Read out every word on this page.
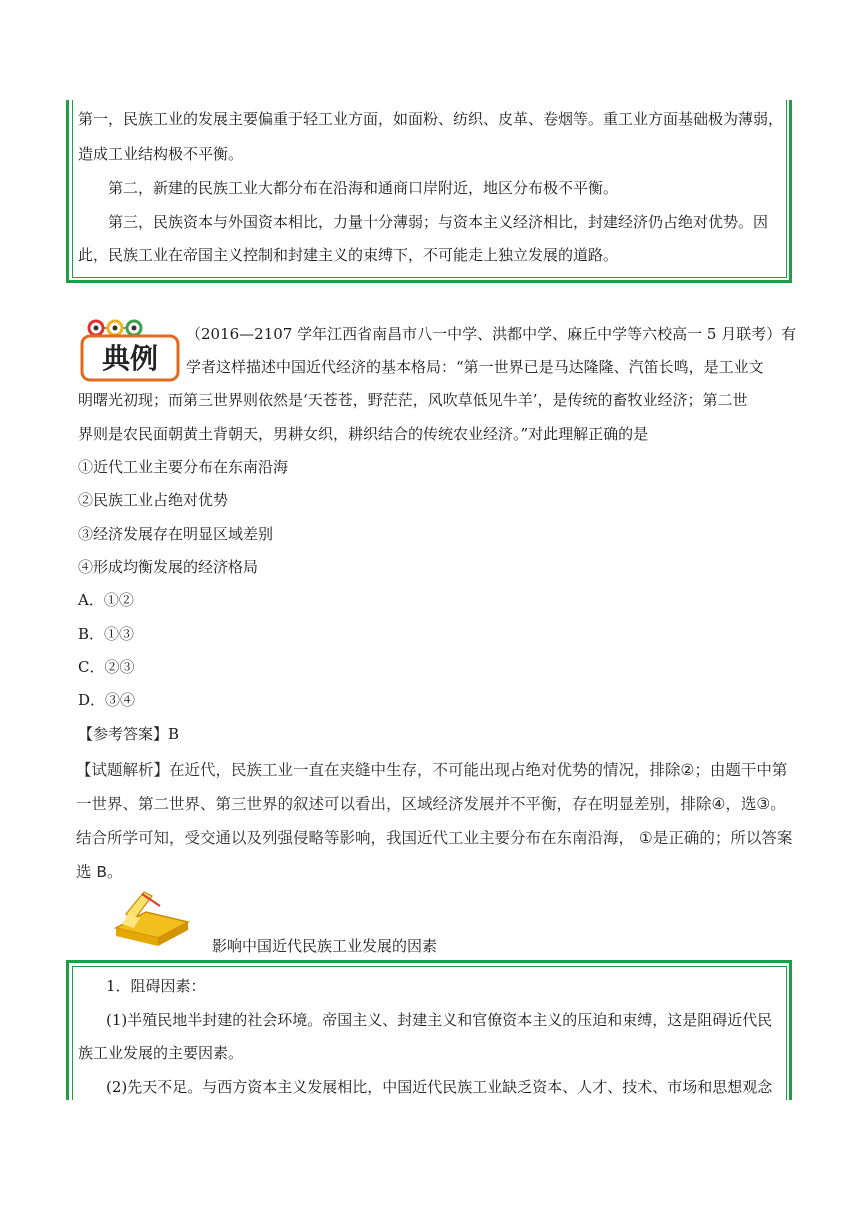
第一，民族工业的发展主要偏重于轻工业方面，如面粉、纺织、皮革、卷烟等。重工业方面基础极为薄弱，
造成工业结构极不平衡。
第二，新建的民族工业大都分布在沿海和通商口岸附近，地区分布极不平衡。
第三，民族资本与外国资本相比，力量十分薄弱；与资本主义经济相比，封建经济仍占绝对优势。因
此，民族工业在帝国主义控制和封建主义的束缚下，不可能走上独立发展的道路。
典例
（2016—2107 学年江西省南昌市八一中学、洪都中学、麻丘中学等六校高一 5 月联考）有
学者这样描述中国近代经济的基本格局：“第一世界已是马达隆隆、汽笛长鸣，是工业文
明曙光初现；而第三世界则依然是‘天苍苍，野茫茫，风吹草低见牛羊’，是传统的畜牧业经济；第二世
界则是农民面朝黄土背朝天，男耕女织，耕织结合的传统农业经济。”对此理解正确的是
①近代工业主要分布在东南沿海
②民族工业占绝对优势
③经济发展存在明显区域差别
④形成均衡发展的经济格局
A．①②
B．①③
C．②③
D．③④
【参考答案】B
【试题解析】在近代，民族工业一直在夹缝中生存，不可能出现占绝对优势的情况，排除②；由题干中第
一世界、第二世界、第三世界的叙述可以看出，区域经济发展并不平衡，存在明显差别，排除④，选③。
结合所学可知，受交通以及列强侵略等影响，我国近代工业主要分布在东南沿海， ①是正确的；所以答案
选 B。
影响中国近代民族工业发展的因素
1．阻碍因素：
(1)半殖民地半封建的社会环境。帝国主义、封建主义和官僚资本主义的压迫和束缚，这是阻碍近代民
族工业发展的主要因素。
(2)先天不足。与西方资本主义发展相比，中国近代民族工业缺乏资本、人才、技术、市场和思想观念
